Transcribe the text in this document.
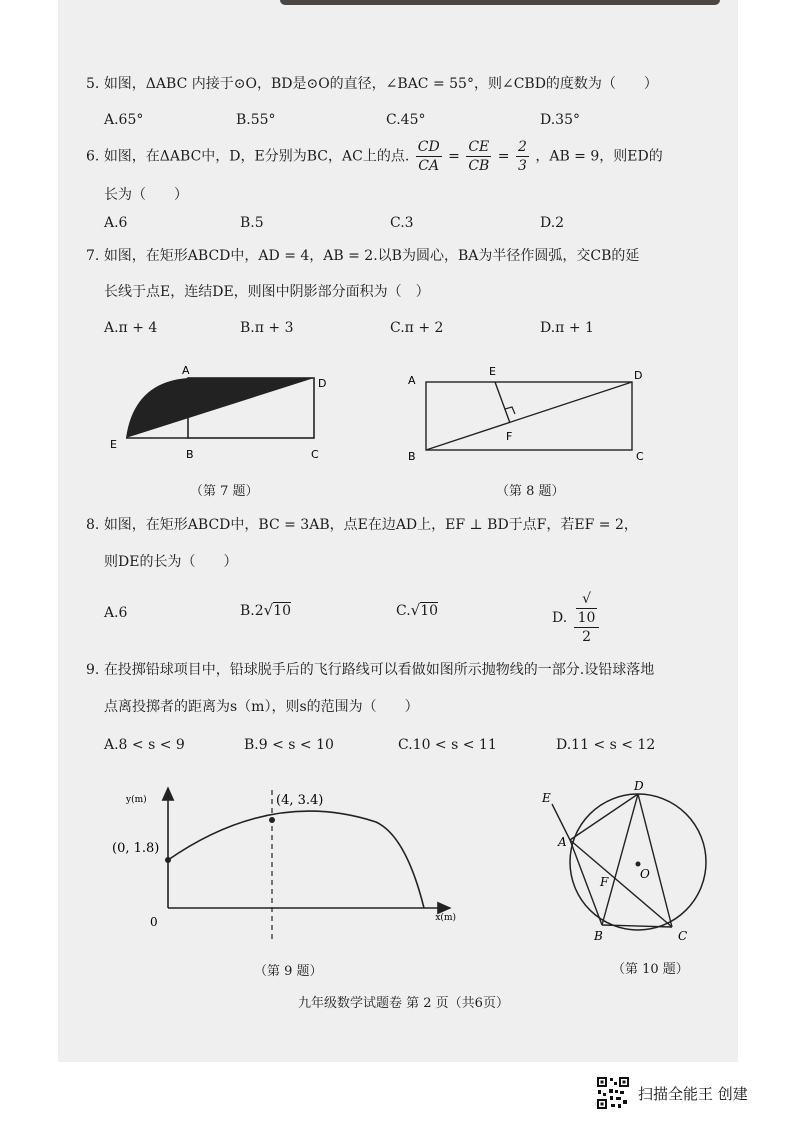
5. 如图，ΔABC 内接于⊙O，BD是⊙O的直径，∠BAC = 55°，则∠CBD的度数为（　　）
A.65°	B.55°	C.45°	D.35°
6. 如图，在ΔABC中，D，E分别为BC，AC上的点. $\frac{CD}{CA} = \frac{CE}{CB} = \frac{2}{3}$ ，AB = 9，则ED的
长为（　　）
A.6	B.5	C.3	D.2
7. 如图，在矩形ABCD中，AD = 4，AB = 2.以B为圆心，BA为半径作圆弧，交CB的延
长线于点E，连结DE，则图中阴影部分面积为（　）
A.π + 4	B.π + 3	C.π + 2	D.π + 1
A
D
E
B	C
（第 7 题）
A
E	D
F
B	C
（第 8 题）
8. 如图，在矩形ABCD中，BC = 3AB，点E在边AD上，EF ⊥ BD于点F，若EF = 2，
则DE的长为（　　）
A.6	B.2√10	C.√10	D. √
10
2
9. 在投掷铅球项目中，铅球脱手后的飞行路线可以看做如图所示抛物线的一部分.设铅球落地
点离投掷者的距离为s（m），则s的范围为（　　）
A.8 < s < 9	B.9 < s < 10	C.10 < s < 11	D.11 < s < 12
y(m)
x(m)
0
(0, 1.8)
(4, 3.4)
（第 9 题）
E
A
D
F
O
B	C
（第 10 题）
九年级数学试题卷 第 2 页（共6页）
扫描全能王 创建
